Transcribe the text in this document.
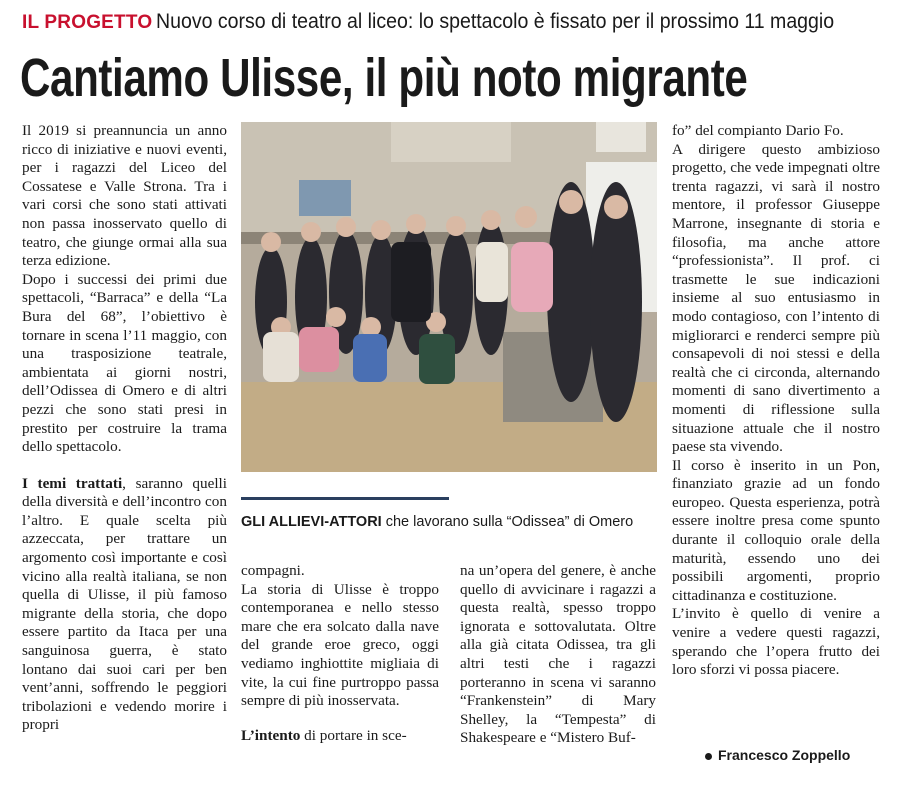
IL PROGETTO Nuovo corso di teatro al liceo: lo spettacolo è fissato per il prossimo 11 maggio
Cantiamo Ulisse, il più noto migrante

Il 2019 si preannuncia un anno ricco di iniziative e nuovi eventi, per i ragazzi del Liceo del Cossatese e Valle Strona. Tra i vari corsi che sono stati attivati non passa inosservato quello di teatro, che giunge ormai alla sua terza edizione.

Dopo i successi dei primi due spettacoli, “Barraca” e della “La Bura del 68”, l’obiettivo è tornare in scena l’11 maggio, con una trasposizione teatrale, ambientata ai giorni nostri, dell’Odissea di Omero e di altri pezzi che sono stati presi in prestito per costruire la trama dello spettacolo.

I temi trattati, saranno quelli della diversità e dell’incontro con l’altro. E quale scelta più azzeccata, per trattare un argomento così importante e così vicino alla realtà italiana, se non quella di Ulisse, il più famoso migrante della storia, che dopo essere partito da Itaca per una sanguinosa guerra, è stato lontano dai suoi cari per ben vent’anni, soffrendo le peggiori tribolazioni e vedendo morire i propri

GLI ALLIEVI-ATTORI che lavorano sulla “Odissea” di Omero

compagni.

La storia di Ulisse è troppo contemporanea e nello stesso mare che era solcato dalla nave del grande eroe greco, oggi vediamo inghiottite migliaia di vite, la cui fine purtroppo passa sempre di più inosservata.

L’intento di portare in sce-

na un’opera del genere, è anche quello di avvicinare i ragazzi a questa realtà, spesso troppo ignorata e sottovalutata. Oltre alla già citata Odissea, tra gli altri testi che i ragazzi porteranno in scena vi saranno “Frankenstein” di Mary Shelley, la “Tempesta” di Shakespeare e “Mistero Buf-

fo” del compianto Dario Fo.

A dirigere questo ambizioso progetto, che vede impegnati oltre trenta ragazzi, vi sarà il nostro mentore, il professor Giuseppe Marrone, insegnante di storia e filosofia, ma anche attore “professionista”. Il prof. ci trasmette le sue indicazioni insieme al suo entusiasmo in modo contagioso, con l’intento di migliorarci e renderci sempre più consapevoli di noi stessi e della realtà che ci circonda, alternando momenti di sano divertimento a momenti di riflessione sulla situazione attuale che il nostro paese sta vivendo.

Il corso è inserito in un Pon, finanziato grazie ad un fondo europeo. Questa esperienza, potrà essere inoltre presa come spunto durante il colloquio orale della maturità, essendo uno dei possibili argomenti, proprio cittadinanza e costituzione.

L’invito è quello di venire a venire a vedere questi ragazzi, sperando che l’opera frutto dei loro sforzi vi possa piacere.

Francesco Zoppello
